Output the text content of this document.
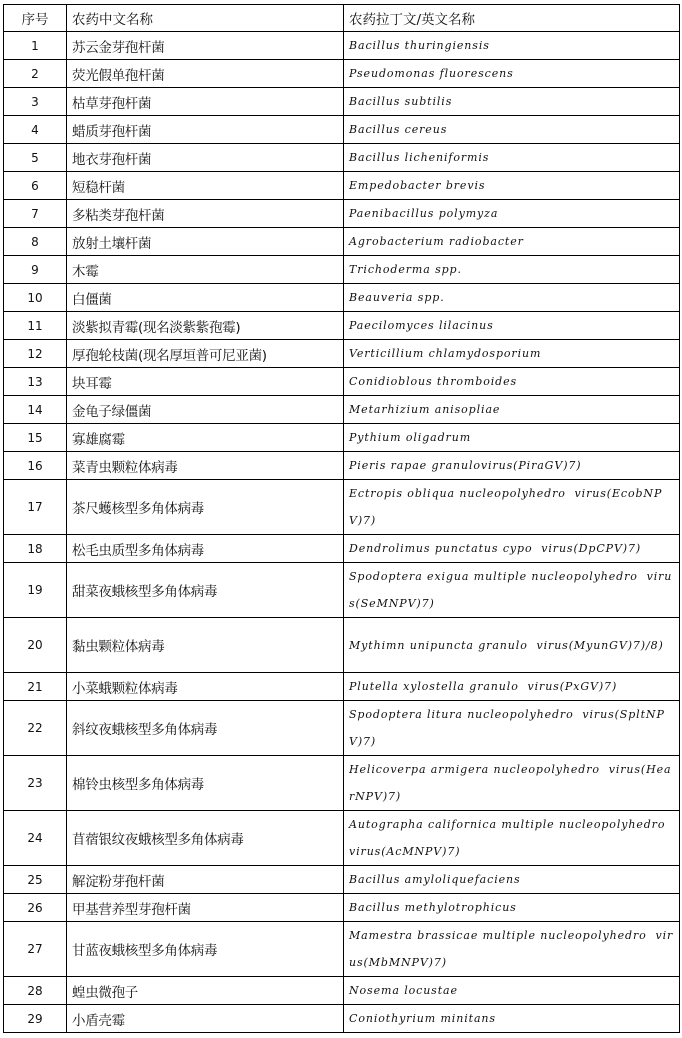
序号	农药中文名称	农药拉丁文/英文名称
1	苏云金芽孢杆菌	Bacillus thuringiensis
2	荧光假单孢杆菌	Pseudomonas fluorescens
3	枯草芽孢杆菌	Bacillus subtilis
4	蜡质芽孢杆菌	Bacillus cereus
5	地衣芽孢杆菌	Bacillus licheniformis
6	短稳杆菌	Empedobacter brevis
7	多粘类芽孢杆菌	Paenibacillus polymyza
8	放射土壤杆菌	Agrobacterium radiobacter
9	木霉	Trichoderma spp.
10	白僵菌	Beauveria spp.
11	淡紫拟青霉(现名淡紫紫孢霉)	Paecilomyces lilacinus
12	厚孢轮枝菌(现名厚垣普可尼亚菌)	Verticillium chlamydosporium
13	块耳霉	Conidioblous thromboides
14	金龟子绿僵菌	Metarhizium anisopliae
15	寡雄腐霉	Pythium oligadrum
16	菜青虫颗粒体病毒	Pieris rapae granulovirus(PiraGV)7)
17	茶尺蠖核型多角体病毒	Ectropis obliqua nucleopolyhedro  virus(EcobNPV)7)
18	松毛虫质型多角体病毒	Dendrolimus punctatus cypo  virus(DpCPV)7)
19	甜菜夜蛾核型多角体病毒	Spodoptera exigua multiple nucleopolyhedro  virus(SeMNPV)7)
20	黏虫颗粒体病毒	Mythimn unipuncta granulo  virus(MyunGV)7)/8)
21	小菜蛾颗粒体病毒	Plutella xylostella granulo  virus(PxGV)7)
22	斜纹夜蛾核型多角体病毒	Spodoptera litura nucleopolyhedro  virus(SpltNPV)7)
23	棉铃虫核型多角体病毒	Helicoverpa armigera nucleopolyhedro  virus(HearNPV)7)
24	苜蓿银纹夜蛾核型多角体病毒	Autographa californica multiple nucleopolyhedro  virus(AcMNPV)7)
25	解淀粉芽孢杆菌	Bacillus amyloliquefaciens
26	甲基营养型芽孢杆菌	Bacillus methylotrophicus
27	甘蓝夜蛾核型多角体病毒	Mamestra brassicae multiple nucleopolyhedro  virus(MbMNPV)7)
28	蝗虫微孢子	Nosema locustae
29	小盾壳霉	Coniothyrium minitans
